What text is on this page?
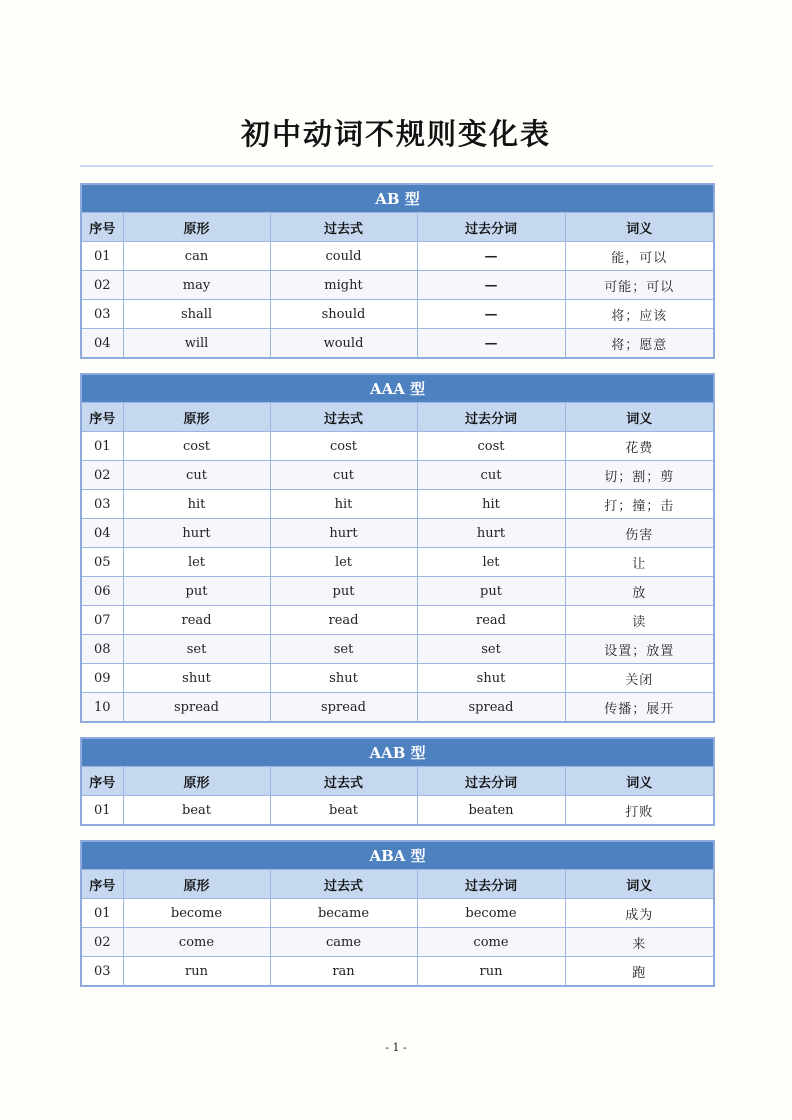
初中动词不规则变化表
AB 型				
序号	原形	过去式	过去分词	词义
01	can	could	—	能，可以
02	may	might	—	可能；可以
03	shall	should	—	将；应该
04	will	would	—	将；愿意
AAA 型				
序号	原形	过去式	过去分词	词义
01	cost	cost	cost	花费
02	cut	cut	cut	切；割；剪
03	hit	hit	hit	打；撞；击
04	hurt	hurt	hurt	伤害
05	let	let	let	让
06	put	put	put	放
07	read	read	read	读
08	set	set	set	设置；放置
09	shut	shut	shut	关闭
10	spread	spread	spread	传播；展开
AAB 型				
序号	原形	过去式	过去分词	词义
01	beat	beat	beaten	打败
ABA 型				
序号	原形	过去式	过去分词	词义
01	become	became	become	成为
02	come	came	come	来
03	run	ran	run	跑
- 1 -
